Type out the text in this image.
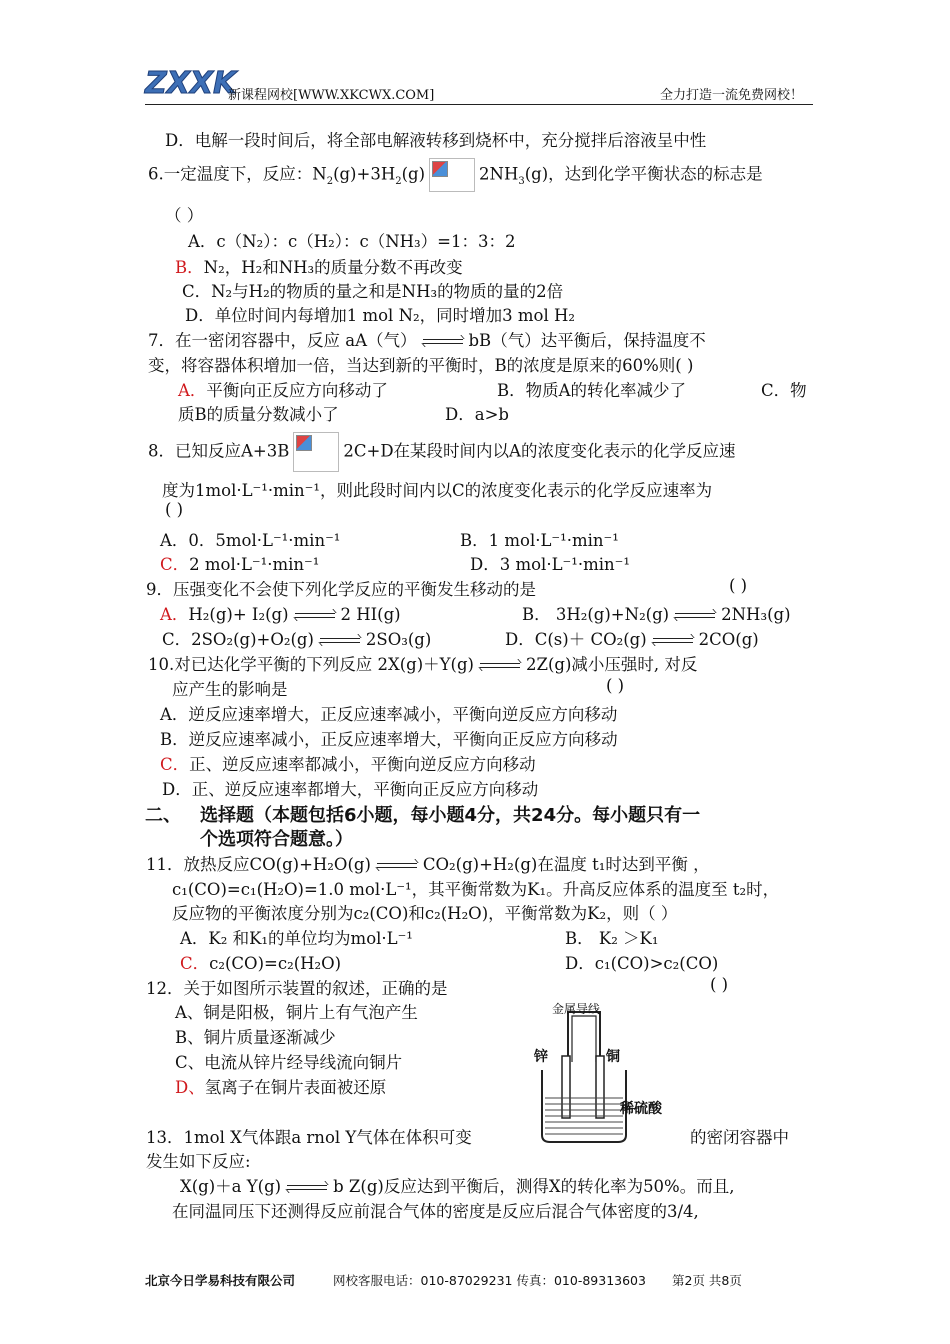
ZXXK
新课程网校[WWW.XKCWX.COM]	全力打造一流免费网校！
D．电解一段时间后，将全部电解液转移到烧杯中，充分搅拌后溶液呈中性
6.一定温度下，反应：$N_2(g)+3H_2(g)$	$2NH_3(g)$，达到化学平衡状态的标志是
（ ）
A．c（N₂）：c（H₂）：c（NH₃）=1：3：2
B．N₂，H₂和NH₃的质量分数不再改变
C．N₂与H₂的物质的量之和是NH₃的物质的量的2倍
D．单位时间内每增加1 mol N₂，同时增加3 mol H₂
7．在一密闭容器中，反应 aA（气）	bB（气）达平衡后，保持温度不
变，将容器体积增加一倍，当达到新的平衡时，B的浓度是原来的60%则( )
A．平衡向正反应方向移动了	B．物质A的转化率减少了	C．物
质B的质量分数减小了	D．a>b
8．已知反应A+3B	2C+D在某段时间内以A的浓度变化表示的化学反应速
度为1mol·L⁻¹·min⁻¹，则此段时间内以C的浓度变化表示的化学反应速率为
( )
A．0．5mol·L⁻¹·min⁻¹	B．1 mol·L⁻¹·min⁻¹
C．2 mol·L⁻¹·min⁻¹	D．3 mol·L⁻¹·min⁻¹
9．压强变化不会使下列化学反应的平衡发生移动的是	( )
A．H₂(g)+ I₂(g)	2 HI(g)	B． 3H₂(g)+N₂(g)	2NH₃(g)
C．2SO₂(g)+O₂(g)	2SO₃(g)	D．C(s)＋ CO₂(g)	2CO(g)
10.对已达化学平衡的下列反应 2X(g)＋Y(g)	2Z(g)减小压强时, 对反
应产生的影响是	( )
A．逆反应速率增大，正反应速率减小，平衡向逆反应方向移动
B．逆反应速率减小，正反应速率增大，平衡向正反应方向移动
C．正、逆反应速率都减小，平衡向逆反应方向移动
D．正、逆反应速率都增大，平衡向正反应方向移动
二、 选择题（本题包括6小题，每小题4分，共24分。每小题只有一
个选项符合题意。）
11．放热反应CO(g)+H₂O(g)	CO₂(g)+H₂(g)在温度 t₁时达到平衡 ，
c₁(CO)=c₁(H₂O)=1.0 mol·L⁻¹，其平衡常数为K₁。升高反应体系的温度至 t₂时，
反应物的平衡浓度分别为c₂(CO)和c₂(H₂O)，平衡常数为K₂，则（ ）
A．K₂ 和K₁的单位均为mol·L⁻¹	B． K₂ ＞K₁
C．c₂(CO)=c₂(H₂O)	D．c₁(CO)>c₂(CO)
12．关于如图所示装置的叙述，正确的是	( )
A、铜是阳极，铜片上有气泡产生
B、铜片质量逐渐减少
C、电流从锌片经导线流向铜片
D、氢离子在铜片表面被还原
金属导线
锌	铜
稀硫酸
13．1mol X气体跟a rnol Y气体在体积可变	的密闭容器中
发生如下反应:
X(g)＋a Y(g)	b Z(g)反应达到平衡后，测得X的转化率为50%。而且,
在同温同压下还测得反应前混合气体的密度是反应后混合气体密度的3/4,
北京今日学易科技有限公司	网校客服电话：010-87029231 传真：010-89313603 第2页 共8页
